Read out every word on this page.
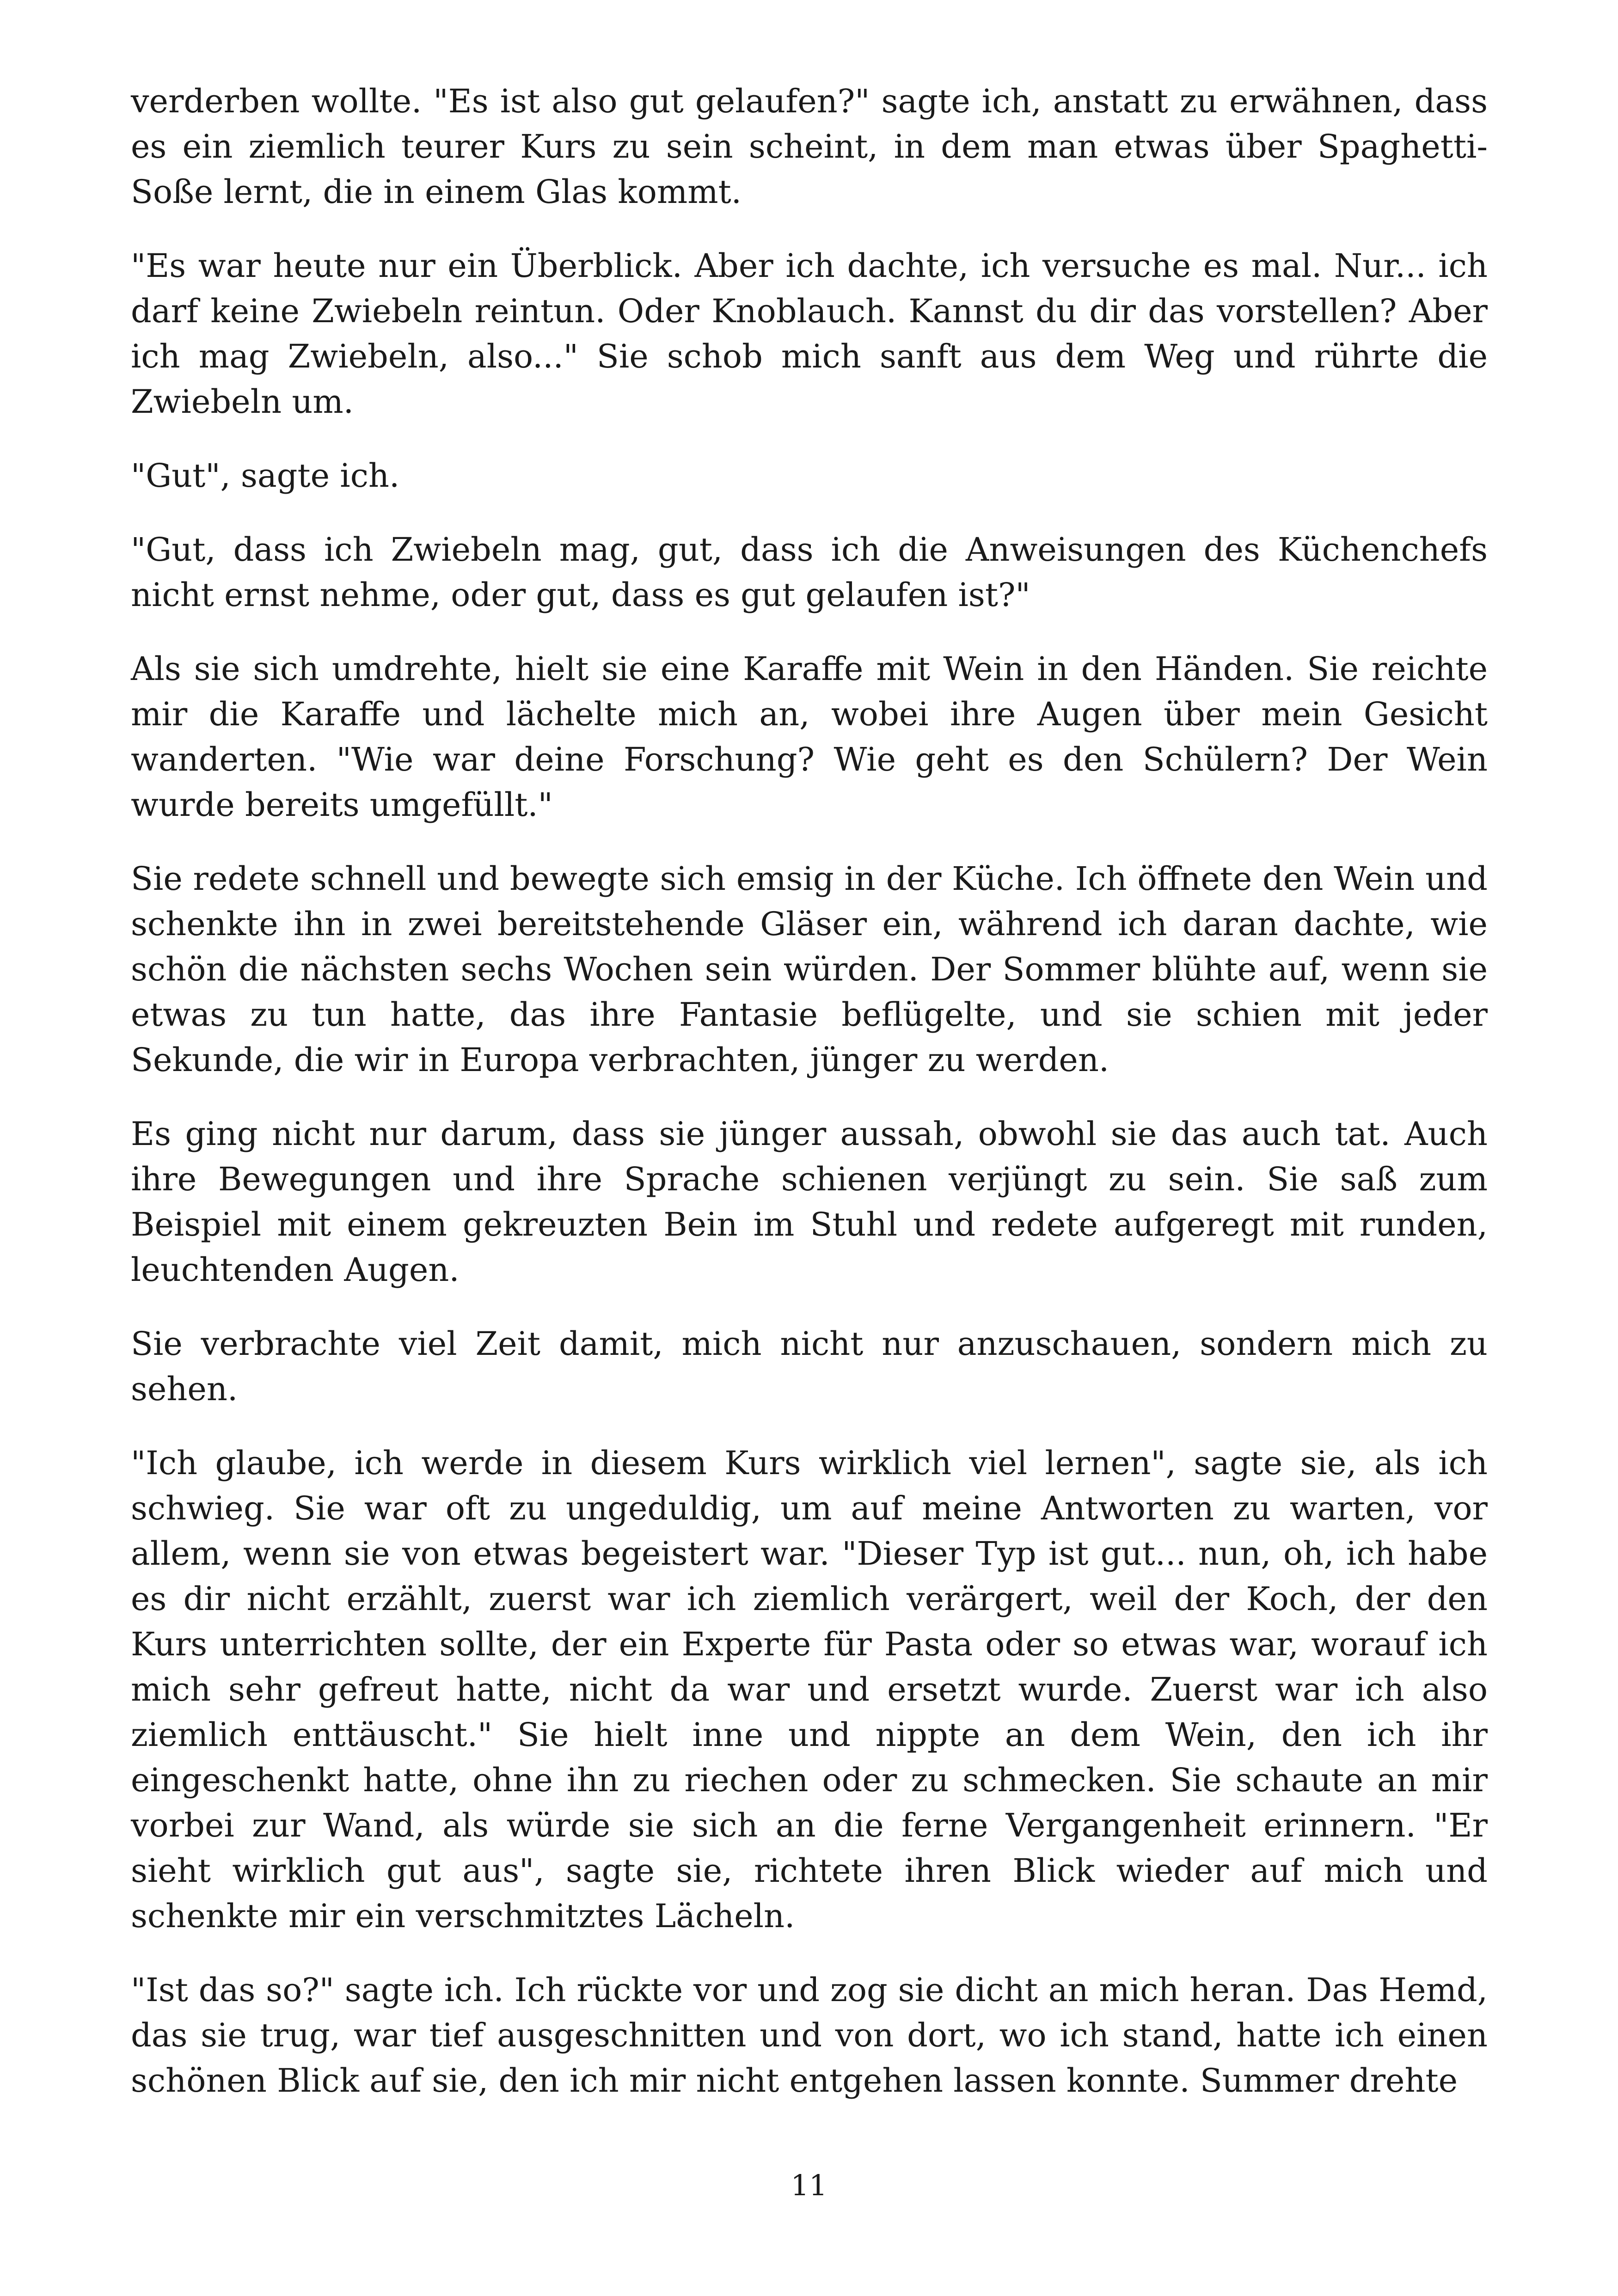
verderben wollte. "Es ist also gut gelaufen?" sagte ich, anstatt zu erwähnen, dass es ein ziemlich teurer Kurs zu sein scheint, in dem man etwas über Spaghetti-Soße lernt, die in einem Glas kommt.

"Es war heute nur ein Überblick. Aber ich dachte, ich versuche es mal. Nur... ich darf keine Zwiebeln reintun. Oder Knoblauch. Kannst du dir das vorstellen? Aber ich mag Zwiebeln, also..." Sie schob mich sanft aus dem Weg und rührte die Zwiebeln um.

"Gut", sagte ich.

"Gut, dass ich Zwiebeln mag, gut, dass ich die Anweisungen des Küchenchefs nicht ernst nehme, oder gut, dass es gut gelaufen ist?"

Als sie sich umdrehte, hielt sie eine Karaffe mit Wein in den Händen. Sie reichte mir die Karaffe und lächelte mich an, wobei ihre Augen über mein Gesicht wanderten. "Wie war deine Forschung? Wie geht es den Schülern? Der Wein wurde bereits umgefüllt."

Sie redete schnell und bewegte sich emsig in der Küche. Ich öffnete den Wein und schenkte ihn in zwei bereitstehende Gläser ein, während ich daran dachte, wie schön die nächsten sechs Wochen sein würden. Der Sommer blühte auf, wenn sie etwas zu tun hatte, das ihre Fantasie beflügelte, und sie schien mit jeder Sekunde, die wir in Europa verbrachten, jünger zu werden.

Es ging nicht nur darum, dass sie jünger aussah, obwohl sie das auch tat. Auch ihre Bewegungen und ihre Sprache schienen verjüngt zu sein. Sie saß zum Beispiel mit einem gekreuzten Bein im Stuhl und redete aufgeregt mit runden, leuchtenden Augen.

Sie verbrachte viel Zeit damit, mich nicht nur anzuschauen, sondern mich zu sehen.

"Ich glaube, ich werde in diesem Kurs wirklich viel lernen", sagte sie, als ich schwieg. Sie war oft zu ungeduldig, um auf meine Antworten zu warten, vor allem, wenn sie von etwas begeistert war. "Dieser Typ ist gut... nun, oh, ich habe es dir nicht erzählt, zuerst war ich ziemlich verärgert, weil der Koch, der den Kurs unterrichten sollte, der ein Experte für Pasta oder so etwas war, worauf ich mich sehr gefreut hatte, nicht da war und ersetzt wurde. Zuerst war ich also ziemlich enttäuscht." Sie hielt inne und nippte an dem Wein, den ich ihr eingeschenkt hatte, ohne ihn zu riechen oder zu schmecken. Sie schaute an mir vorbei zur Wand, als würde sie sich an die ferne Vergangenheit erinnern. "Er sieht wirklich gut aus", sagte sie, richtete ihren Blick wieder auf mich und schenkte mir ein verschmitztes Lächeln.

"Ist das so?" sagte ich. Ich rückte vor und zog sie dicht an mich heran. Das Hemd, das sie trug, war tief ausgeschnitten und von dort, wo ich stand, hatte ich einen schönen Blick auf sie, den ich mir nicht entgehen lassen konnte. Summer drehte

11
